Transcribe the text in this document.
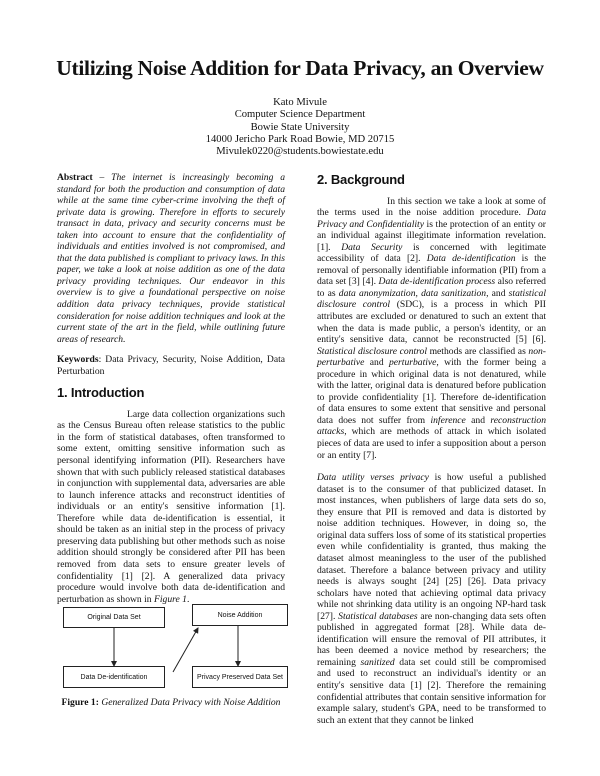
Utilizing Noise Addition for Data Privacy, an Overview
Kato Mivule
Computer Science Department
Bowie State University
14000 Jericho Park Road Bowie, MD 20715
Mivulek0220@students.bowiestate.edu

Abstract – The internet is increasingly becoming a standard for both the production and consumption of data while at the same time cyber-crime involving the theft of private data is growing. Therefore in efforts to securely transact in data, privacy and security concerns must be taken into account to ensure that the confidentiality of individuals and entities involved is not compromised, and that the data published is compliant to privacy laws. In this paper, we take a look at noise addition as one of the data privacy providing techniques. Our endeavor in this overview is to give a foundational perspective on noise addition data privacy techniques, provide statistical consideration for noise addition techniques and look at the current state of the art in the field, while outlining future areas of research.

Keywords: Data Privacy, Security, Noise Addition, Data Perturbation

1. Introduction

Large data collection organizations such as the Census Bureau often release statistics to the public in the form of statistical databases, often transformed to some extent, omitting sensitive information such as personal identifying information (PII). Researchers have shown that with such publicly released statistical databases in conjunction with supplemental data, adversaries are able to launch inference attacks and reconstruct identities of individuals or an entity's sensitive information [1]. Therefore while data de-identification is essential, it should be taken as an initial step in the process of privacy preserving data publishing but other methods such as noise addition should strongly be considered after PII has been removed from data sets to ensure greater levels of confidentiality [1] [2]. A generalized data privacy procedure would involve both data de-identification and perturbation as shown in Figure 1.

Original Data Set	Noise Addition
Data De-identification	Privacy Preserved Data Set
Figure 1: Generalized Data Privacy with Noise Addition
2. Background

In this section we take a look at some of the terms used in the noise addition procedure. Data Privacy and Confidentiality is the protection of an entity or an individual against illegitimate information revelation. [1]. Data Security is concerned with legitimate accessibility of data [2]. Data de-identification is the removal of personally identifiable information (PII) from a data set [3] [4]. Data de-identification process also referred to as data anonymization, data sanitization, and statistical disclosure control (SDC), is a process in which PII attributes are excluded or denatured to such an extent that when the data is made public, a person's identity, or an entity's sensitive data, cannot be reconstructed [5] [6]. Statistical disclosure control methods are classified as non-perturbative and perturbative, with the former being a procedure in which original data is not denatured, while with the latter, original data is denatured before publication to provide confidentiality [1]. Therefore de-identification of data ensures to some extent that sensitive and personal data does not suffer from inference and reconstruction attacks, which are methods of attack in which isolated pieces of data are used to infer a supposition about a person or an entity [7].

Data utility verses privacy is how useful a published dataset is to the consumer of that publicized dataset. In most instances, when publishers of large data sets do so, they ensure that PII is removed and data is distorted by noise addition techniques. However, in doing so, the original data suffers loss of some of its statistical properties even while confidentiality is granted, thus making the dataset almost meaningless to the user of the published dataset. Therefore a balance between privacy and utility needs is always sought [24] [25] [26]. Data privacy scholars have noted that achieving optimal data privacy while not shrinking data utility is an ongoing NP-hard task [27]. Statistical databases are non-changing data sets often published in aggregated format [28]. While data de-identification will ensure the removal of PII attributes, it has been deemed a novice method by researchers; the remaining sanitized data set could still be compromised and used to reconstruct an individual's identity or an entity's sensitive data [1] [2]. Therefore the remaining confidential attributes that contain sensitive information for example salary, student's GPA, need to be transformed to such an extent that they cannot be linked
